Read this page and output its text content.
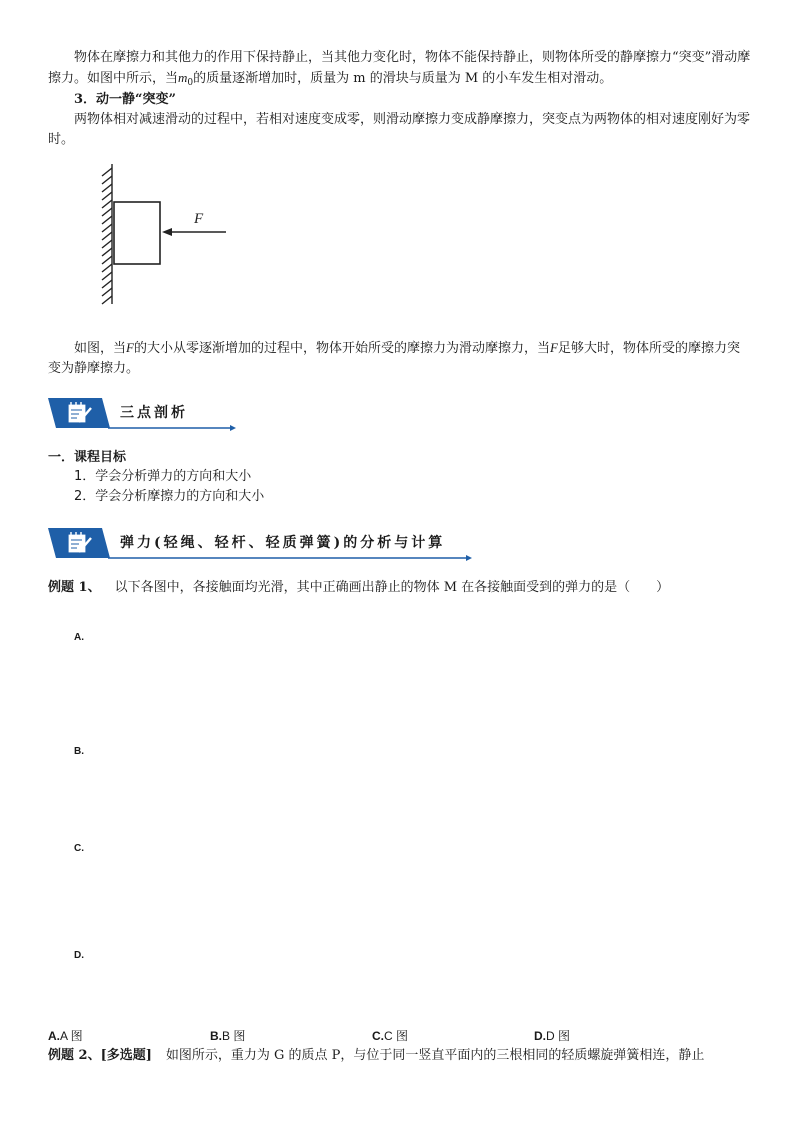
物体在摩擦力和其他力的作用下保持静止，当其他力变化时，物体不能保持静止，则物体所受的静摩擦力“突变”滑动摩擦力。如图中所示，当$m_0$的质量逐渐增加时，质量为 m 的滑块与质量为 M 的小车发生相对滑动。

3．动一静“突变”

两物体相对减速滑动的过程中，若相对速度变成零，则滑动摩擦力变成静摩擦力，突变点为两物体的相对速度刚好为零时。

F

如图，当F的大小从零逐渐增加的过程中，物体开始所受的摩擦力为滑动摩擦力，当F足够大时，物体所受的摩擦力突变为静摩擦力。

三点剖析

一．课程目标

1．学会分析弹力的方向和大小

2．学会分析摩擦力的方向和大小

弹力(轻绳、轻杆、轻质弹簧)的分析与计算

例题 1、 以下各图中，各接触面均光滑，其中正确画出静止的物体 M 在各接触面受到的弹力的是（　　）

A.
B.
C.
D.
A.A 图	B.B 图	C.C 图	D.D 图

例题 2、[多选题] 如图所示，重力为 G 的质点 P，与位于同一竖直平面内的三根相同的轻质螺旋弹簧相连，静止
